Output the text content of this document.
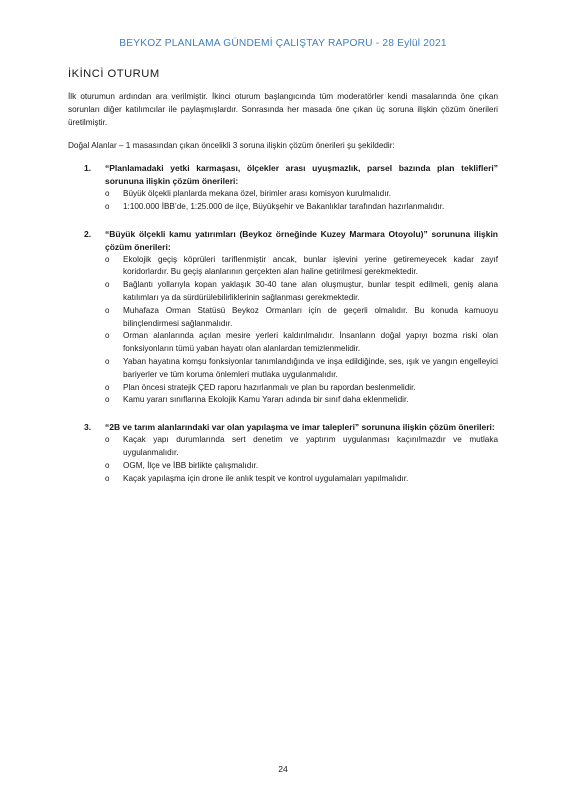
BEYKOZ PLANLAMA GÜNDEMİ ÇALIŞTAY RAPORU - 28 Eylül 2021
İKİNCİ OTURUM

İlk oturumun ardından ara verilmiştir. İkinci oturum başlangıcında tüm moderatörler kendi masalarında öne çıkan sorunları diğer katılımcılar ile paylaşmışlardır. Sonrasında her masada öne çıkan üç soruna ilişkin çözüm önerileri üretilmiştir.

Doğal Alanlar – 1 masasından çıkan öncelikli 3 soruna ilişkin çözüm önerileri şu şekildedir:

1. “Planlamadaki yetki karmaşası, ölçekler arası uyuşmazlık, parsel bazında plan teklifleri” sorununa ilişkin çözüm önerileri:
o Büyük ölçekli planlarda mekana özel, birimler arası komisyon kurulmalıdır.
o 1:100.000 İBB’de, 1:25.000 de ilçe, Büyükşehir ve Bakanlıklar tarafından hazırlanmalıdır.
2. “Büyük ölçekli kamu yatırımları (Beykoz örneğinde Kuzey Marmara Otoyolu)” sorununa ilişkin çözüm önerileri:
o Ekolojik geçiş köprüleri tariflenmiştir ancak, bunlar işlevini yerine getiremeyecek kadar zayıf koridorlardır. Bu geçiş alanlarının gerçekten alan haline getirilmesi gerekmektedir.
o Bağlantı yollarıyla kopan yaklaşık 30-40 tane alan oluşmuştur, bunlar tespit edilmeli, geniş alana katılımları ya da sürdürülebilirliklerinin sağlanması gerekmektedir.
o Muhafaza Orman Statüsü Beykoz Ormanları için de geçerli olmalıdır. Bu konuda kamuoyu bilinçlendirmesi sağlanmalıdır.
o Orman alanlarında açılan mesire yerleri kaldırılmalıdır. İnsanların doğal yapıyı bozma riski olan fonksiyonların tümü yaban hayatı olan alanlardan temizlenmelidir.
o Yaban hayatına komşu fonksiyonlar tanımlandığında ve inşa edildiğinde, ses, ışık ve yangın engelleyici bariyerler ve tüm koruma önlemleri mutlaka uygulanmalıdır.
o Plan öncesi stratejik ÇED raporu hazırlanmalı ve plan bu rapordan beslenmelidir.
o Kamu yararı sınıflarına Ekolojik Kamu Yararı adında bir sınıf daha eklenmelidir.
3. “2B ve tarım alanlarındaki var olan yapılaşma ve imar talepleri” sorununa ilişkin çözüm önerileri:
o Kaçak yapı durumlarında sert denetim ve yaptırım uygulanması kaçınılmazdır ve mutlaka uygulanmalıdır.
o OGM, İlçe ve İBB birlikte çalışmalıdır.
o Kaçak yapılaşma için drone ile anlık tespit ve kontrol uygulamaları yapılmalıdır.
24
